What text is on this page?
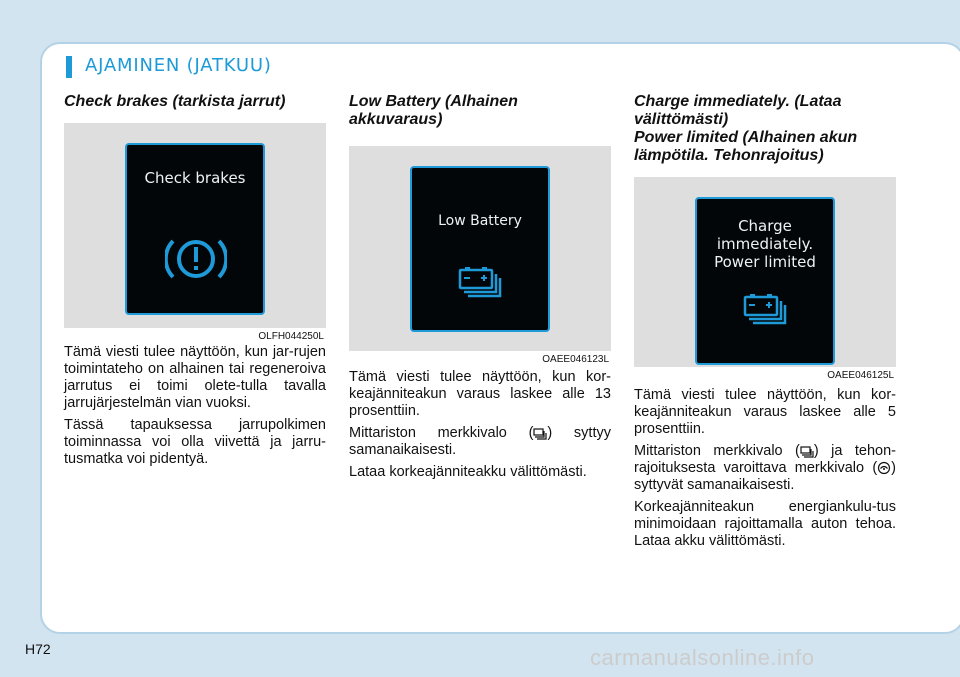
AJAMINEN (JATKUU)

Check brakes (tarkista jarrut)

Check brakes
OLFH044250L

Tämä viesti tulee näyttöön, kun jar-rujen toimintateho on alhainen tai regeneroiva jarrutus ei toimi olete-tulla tavalla jarrujärjestelmän vian vuoksi.

Tässä tapauksessa jarrupolkimen toiminnassa voi olla viivettä ja jarru-tusmatka voi pidentyä.

Low Battery (Alhainen akkuvaraus)

Low Battery
OAEE046123L

Tämä viesti tulee näyttöön, kun kor-keajänniteakun varaus laskee alle 13 prosenttiin.

Mittariston merkkivalo ( ) syttyy samanaikaisesti.

Lataa korkeajänniteakku välittömästi.

Charge immediately. (Lataa
välittömästi)
Power limited (Alhainen akun
lämpötila. Tehonrajoitus)

Charge
immediately.
Power limited
OAEE046125L

Tämä viesti tulee näyttöön, kun kor-keajänniteakun varaus laskee alle 5 prosenttiin.

Mittariston merkkivalo ( ) ja tehon-rajoituksesta varoittava merkkivalo ( ) syttyvät samanaikaisesti.

Korkeajänniteakun energiankulu-tus minimoidaan rajoittamalla auton tehoa. Lataa akku välittömästi.

H72	carmanualsonline.info
